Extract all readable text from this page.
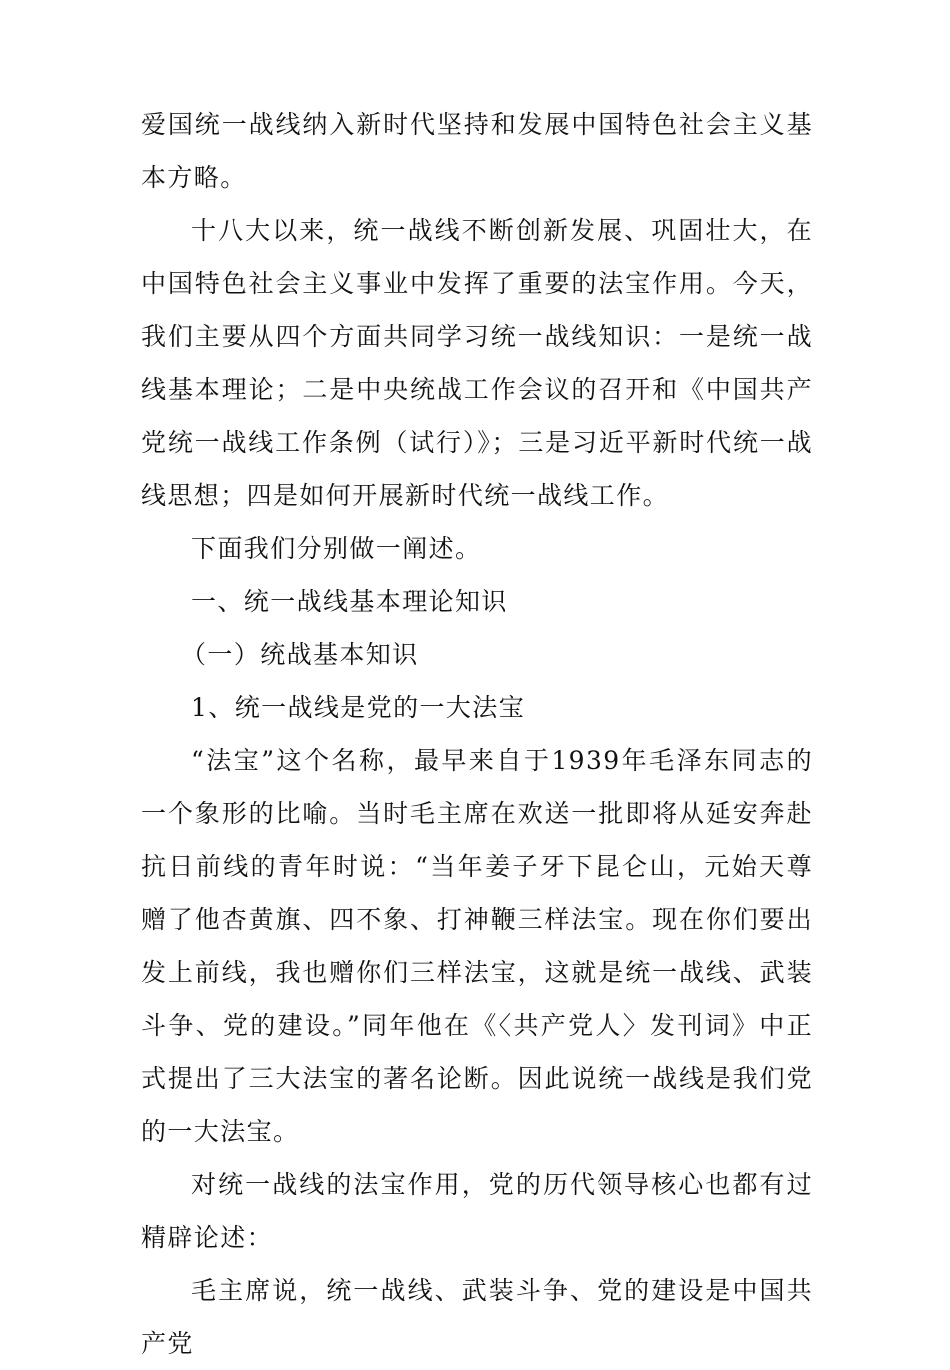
爱国统一战线纳入新时代坚持和发展中国特色社会主义基本方略。

十八大以来，统一战线不断创新发展、巩固壮大，在中国特色社会主义事业中发挥了重要的法宝作用。今天，我们主要从四个方面共同学习统一战线知识：一是统一战线基本理论；二是中央统战工作会议的召开和《中国共产党统一战线工作条例（试行）》；三是习近平新时代统一战线思想；四是如何开展新时代统一战线工作。

下面我们分别做一阐述。

一、统一战线基本理论知识

（一）统战基本知识

1、统一战线是党的一大法宝

“法宝”这个名称，最早来自于1939年毛泽东同志的一个象形的比喻。当时毛主席在欢送一批即将从延安奔赴抗日前线的青年时说：“当年姜子牙下昆仑山，元始天尊赠了他杏黄旗、四不象、打神鞭三样法宝。现在你们要出发上前线，我也赠你们三样法宝，这就是统一战线、武装斗争、党的建设。”同年他在《〈共产党人〉发刊词》中正式提出了三大法宝的著名论断。因此说统一战线是我们党的一大法宝。

对统一战线的法宝作用，党的历代领导核心也都有过精辟论述：

毛主席说，统一战线、武装斗争、党的建设是中国共产党
